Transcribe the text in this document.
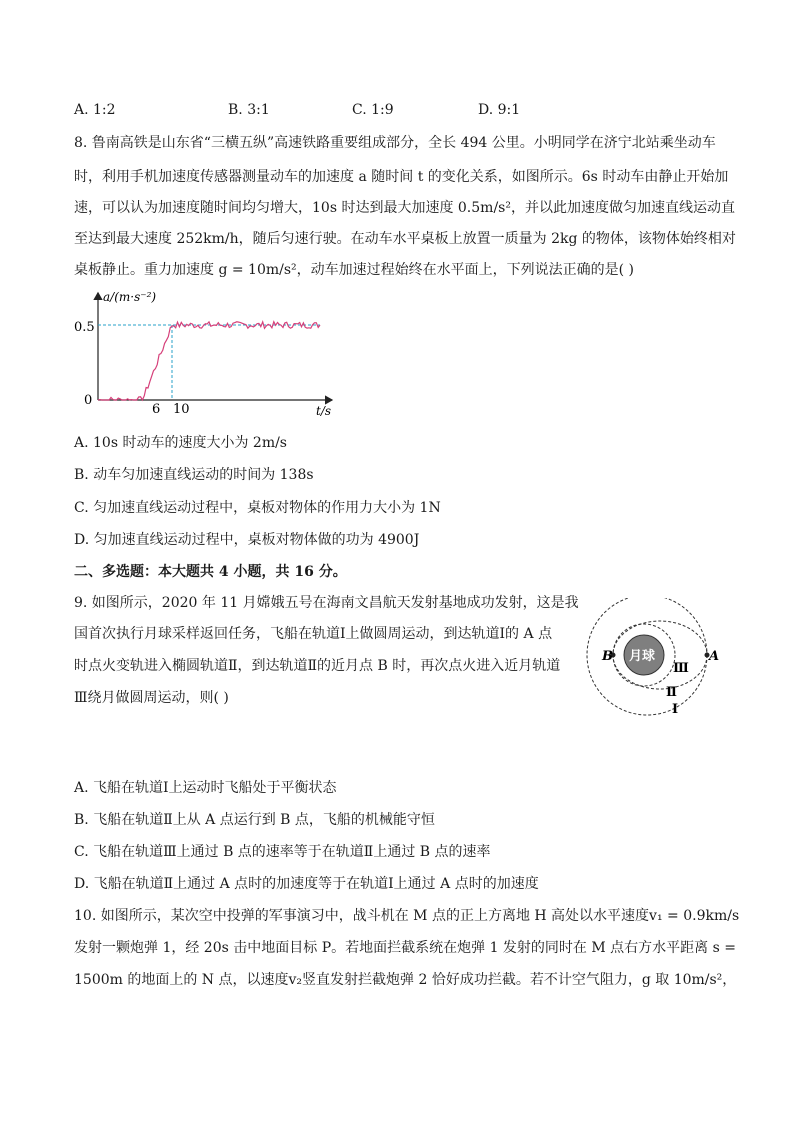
A. 1:2	B. 3:1	C. 1:9	D. 9:1
8. 鲁南高铁是山东省“三横五纵”高速铁路重要组成部分，全长 494 公里。小明同学在济宁北站乘坐动车
时，利用手机加速度传感器测量动车的加速度 a 随时间 t 的变化关系，如图所示。6s 时动车由静止开始加
速，可以认为加速度随时间均匀增大，10s 时达到最大加速度 0.5m/s²，并以此加速度做匀加速直线运动直
至达到最大速度 252km/h，随后匀速行驶。在动车水平桌板上放置一质量为 2kg 的物体，该物体始终相对
桌板静止。重力加速度 g = 10m/s²，动车加速过程始终在水平面上，下列说法正确的是( )
a/(m·s⁻²)
t/s
0.5
0
6 10
A. 10s 时动车的速度大小为 2m/s
B. 动车匀加速直线运动的时间为 138s
C. 匀加速直线运动过程中，桌板对物体的作用力大小为 1N
D. 匀加速直线运动过程中，桌板对物体做的功为 4900J
二、多选题：本大题共 4 小题，共 16 分。
9. 如图所示，2020 年 11 月嫦娥五号在海南文昌航天发射基地成功发射，这是我
国首次执行月球采样返回任务，飞船在轨道Ⅰ上做圆周运动，到达轨道Ⅰ的 A 点
时点火变轨进入椭圆轨道Ⅱ，到达轨道Ⅱ的近月点 B 时，再次点火进入近月轨道
Ⅲ绕月做圆周运动，则( )
月球
B	A
Ⅲ
Ⅱ
Ⅰ
A. 飞船在轨道Ⅰ上运动时飞船处于平衡状态
B. 飞船在轨道Ⅱ上从 A 点运行到 B 点，飞船的机械能守恒
C. 飞船在轨道Ⅲ上通过 B 点的速率等于在轨道Ⅱ上通过 B 点的速率
D. 飞船在轨道Ⅱ上通过 A 点时的加速度等于在轨道Ⅰ上通过 A 点时的加速度
10. 如图所示，某次空中投弹的军事演习中，战斗机在 M 点的正上方离地 H 高处以水平速度v₁ = 0.9km/s
发射一颗炮弹 1，经 20s 击中地面目标 P。若地面拦截系统在炮弹 1 发射的同时在 M 点右方水平距离 s =
1500m 的地面上的 N 点，以速度v₂竖直发射拦截炮弹 2 恰好成功拦截。若不计空气阻力，g 取 10m/s²，
